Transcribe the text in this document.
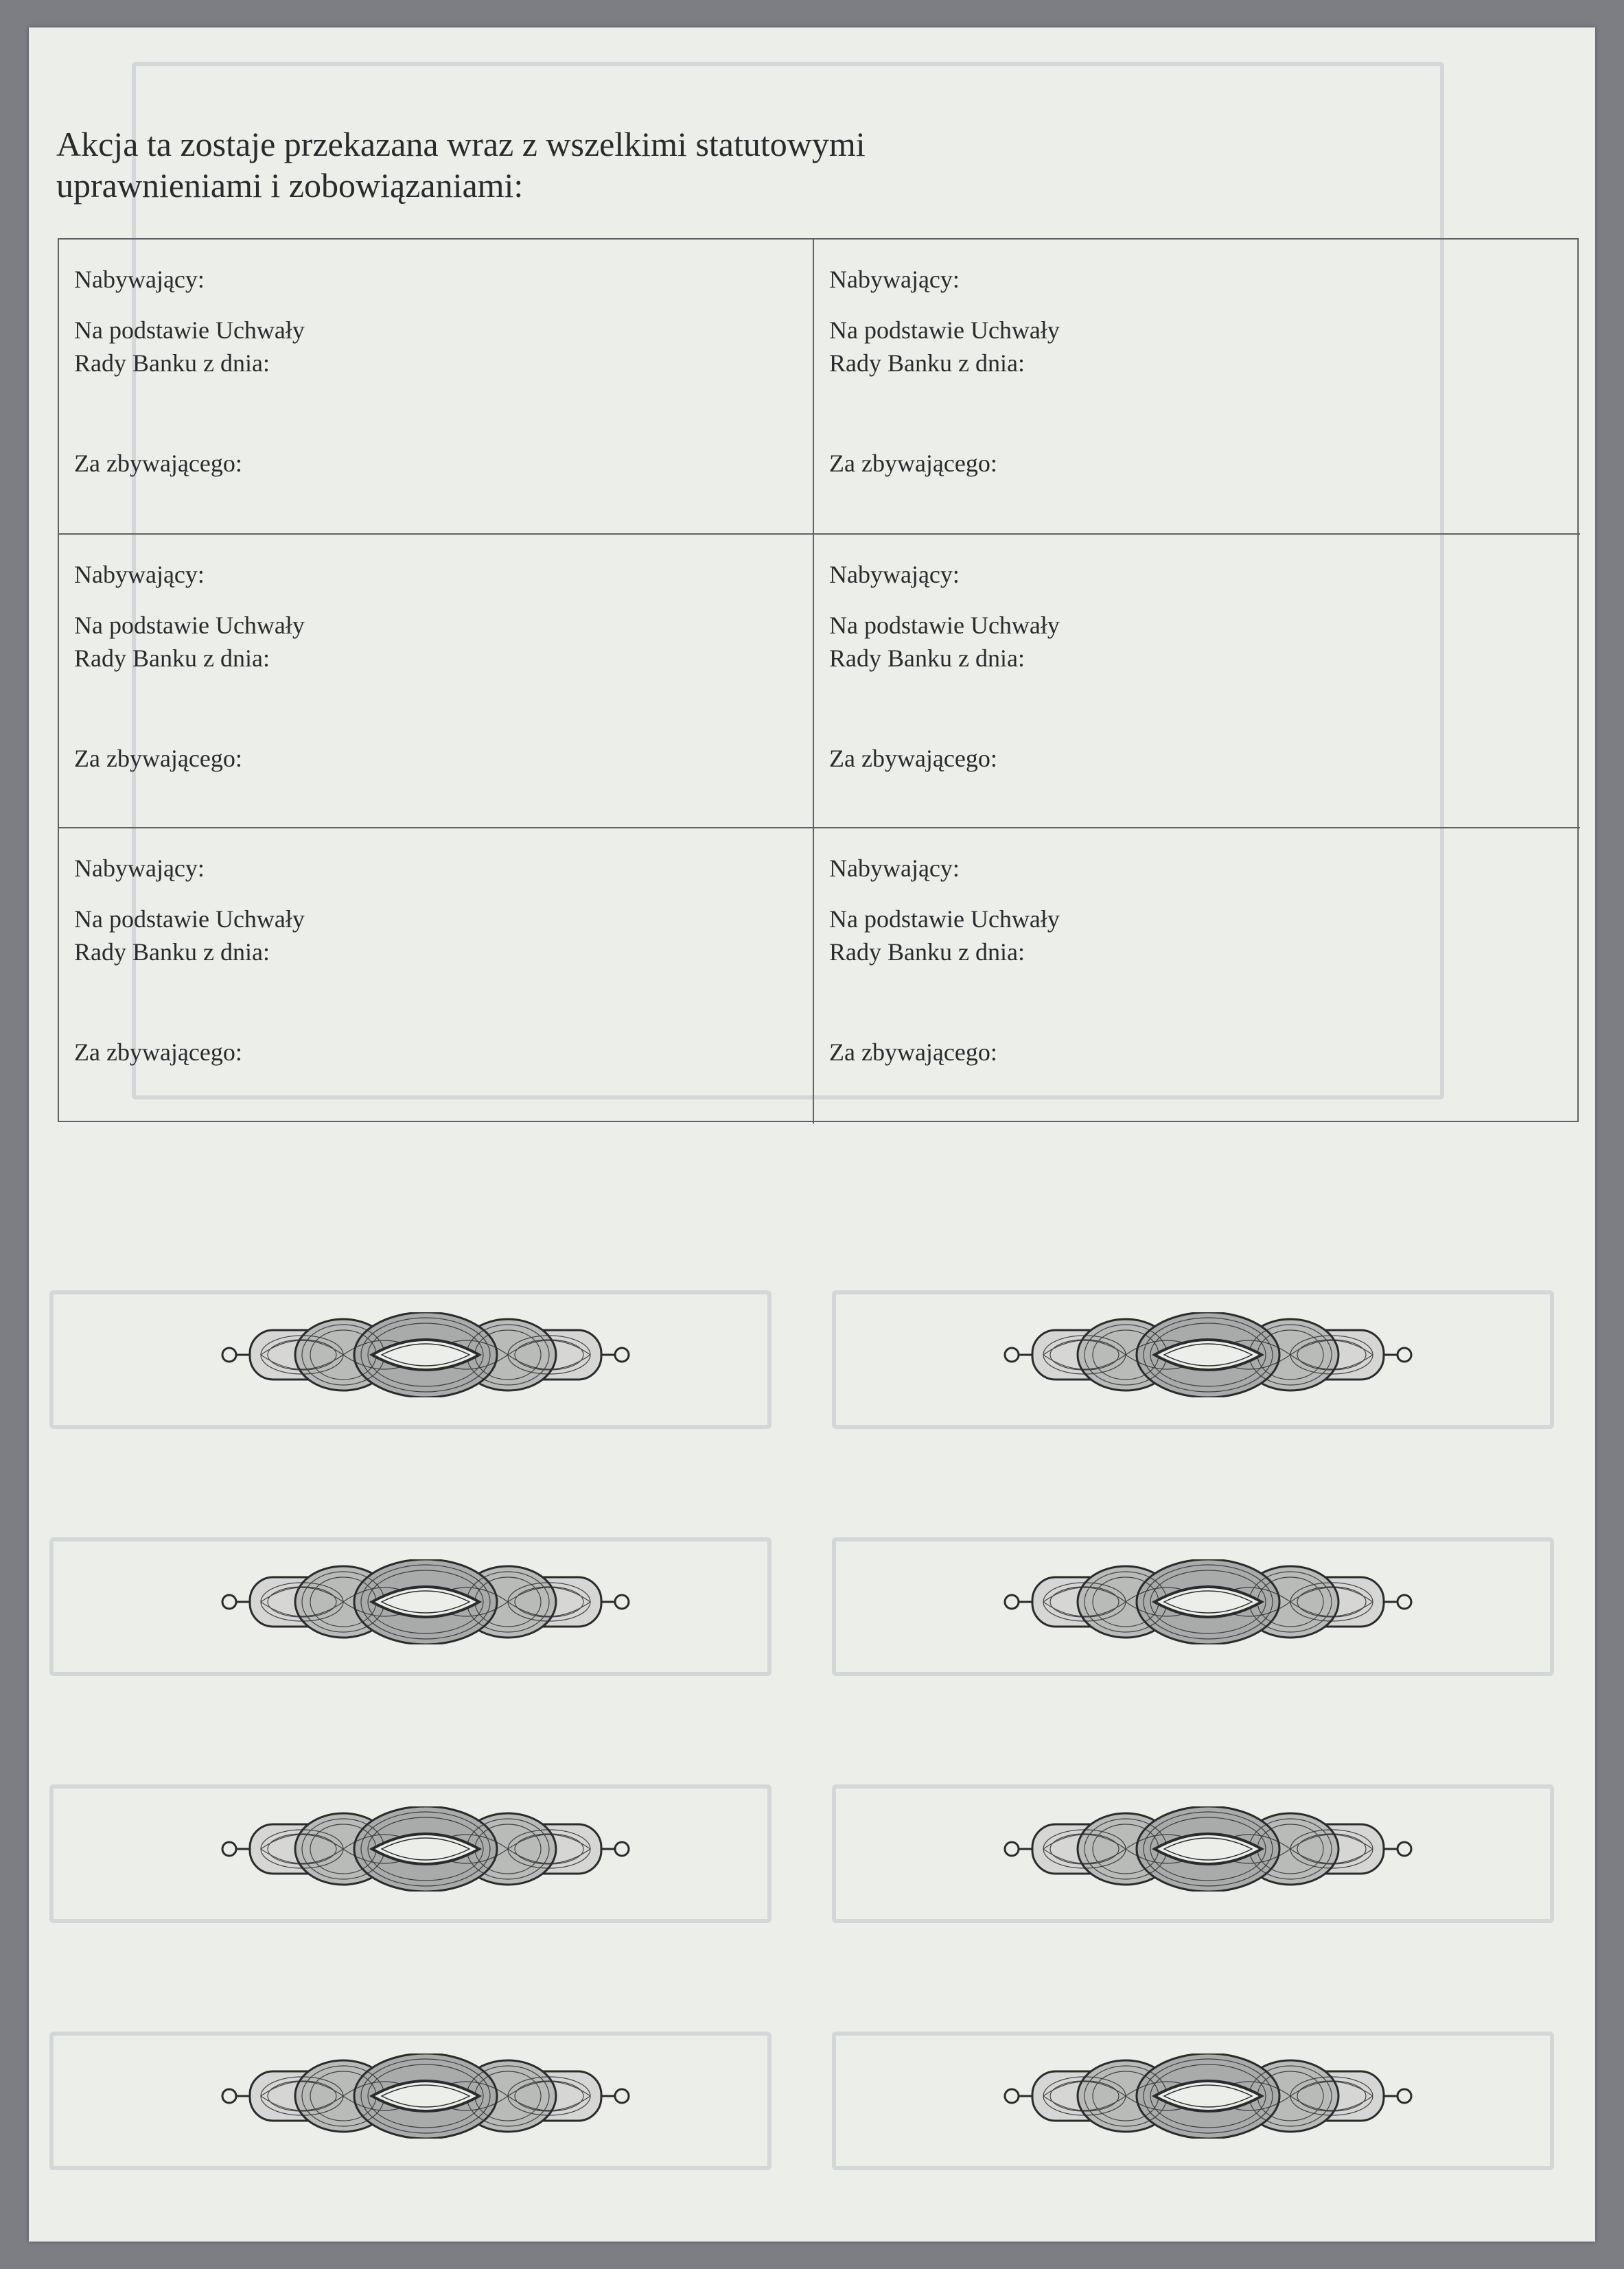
Akcja ta zostaje przekazana wraz z wszelkimi statutowymi
uprawnieniami i zobowiązaniami:
Nabywający:
Na podstawie Uchwały
Rady Banku z dnia:
Za zbywającego:
Nabywający:
Na podstawie Uchwały
Rady Banku z dnia:
Za zbywającego:
Nabywający:
Na podstawie Uchwały
Rady Banku z dnia:
Za zbywającego:
Nabywający:
Na podstawie Uchwały
Rady Banku z dnia:
Za zbywającego:
Nabywający:
Na podstawie Uchwały
Rady Banku z dnia:
Za zbywającego:
Nabywający:
Na podstawie Uchwały
Rady Banku z dnia:
Za zbywającego:
